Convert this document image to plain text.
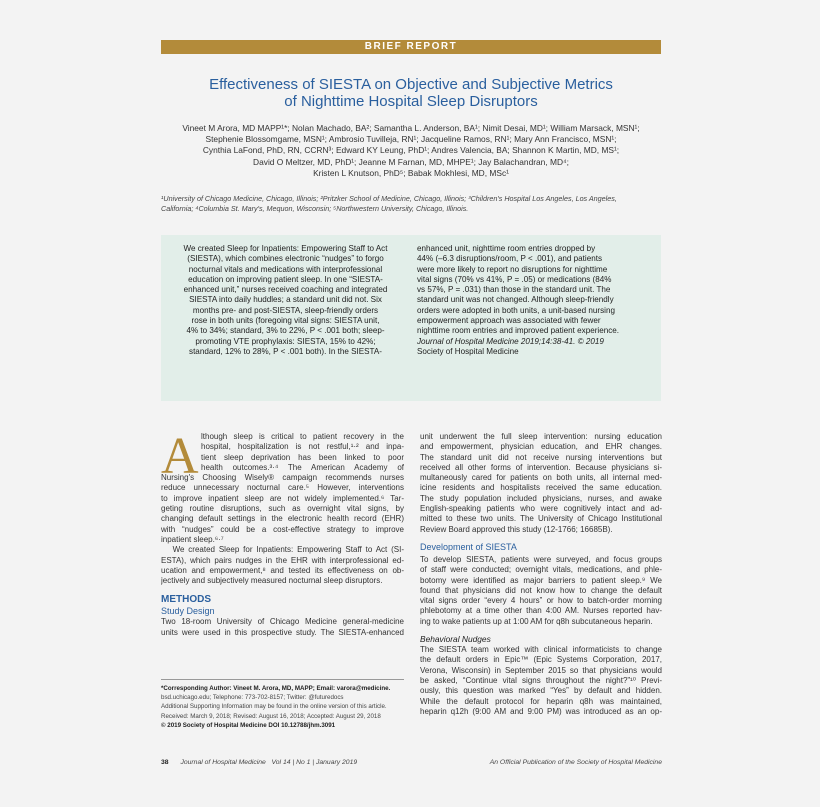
BRIEF REPORT
Effectiveness of SIESTA on Objective and Subjective Metrics
of Nighttime Hospital Sleep Disruptors
Vineet M Arora, MD MAPP¹*; Nolan Machado, BA²; Samantha L. Anderson, BA¹; Nimit Desai, MD¹; William Marsack, MSN¹;
Stephenie Blossomgame, MSN¹; Ambrosio Tuvilleja, RN¹; Jacqueline Ramos, RN¹; Mary Ann Francisco, MSN¹;
Cynthia LaFond, PhD, RN, CCRN³; Edward KY Leung, PhD¹; Andres Valencia, BA; Shannon K Martin, MD, MS¹;
David O Meltzer, MD, PhD¹; Jeanne M Farnan, MD, MHPE¹; Jay Balachandran, MD⁴;
Kristen L Knutson, PhD⁵; Babak Mokhlesi, MD, MSc¹
¹University of Chicago Medicine, Chicago, Illinois; ²Pritzker School of Medicine, Chicago, Illinois; ³Children's Hospital Los Angeles, Los Angeles,
California; ⁴Columbia St. Mary's, Mequon, Wisconsin; ⁵Northwestern University, Chicago, Illinois.
We created Sleep for Inpatients: Empowering Staff to Act
(SIESTA), which combines electronic “nudges” to forgo
nocturnal vitals and medications with interprofessional
education on improving patient sleep. In one “SIESTA-
enhanced unit,” nurses received coaching and integrated
SIESTA into daily huddles; a standard unit did not. Six
months pre- and post-SIESTA, sleep-friendly orders
rose in both units (foregoing vital signs: SIESTA unit,
4% to 34%; standard, 3% to 22%, P < .001 both; sleep-
promoting VTE prophylaxis: SIESTA, 15% to 42%;
standard, 12% to 28%, P < .001 both). In the SIESTA-
enhanced unit, nighttime room entries dropped by
44% (–6.3 disruptions/room, P < .001), and patients
were more likely to report no disruptions for nighttime
vital signs (70% vs 41%, P = .05) or medications (84%
vs 57%, P = .031) than those in the standard unit. The
standard unit was not changed. Although sleep-friendly
orders were adopted in both units, a unit-based nursing
empowerment approach was associated with fewer
nighttime room entries and improved patient experience.
Journal of Hospital Medicine 2019;14:38-41. © 2019
Society of Hospital Medicine
A lthough sleep is critical to patient recovery in the
hospital, hospitalization is not restful,¹·² and inpa-
tient sleep deprivation has been linked to poor
health outcomes.³·⁴ The American Academy of
Nursing's Choosing Wisely® campaign recommends nurses
reduce unnecessary nocturnal care.⁵ However, interventions
to improve inpatient sleep are not widely implemented.⁶ Tar-
geting routine disruptions, such as overnight vital signs, by
changing default settings in the electronic health record (EHR)
with “nudges” could be a cost-effective strategy to improve
inpatient sleep.⁶·⁷
We created Sleep for Inpatients: Empowering Staff to Act (SI-
ESTA), which pairs nudges in the EHR with interprofessional ed-
ucation and empowerment,⁸ and tested its effectiveness on ob-
jectively and subjectively measured nocturnal sleep disruptors.
METHODS
Study Design
Two 18-room University of Chicago Medicine general-medicine
units were used in this prospective study. The SIESTA-enhanced
*Corresponding Author: Vineet M. Arora, MD, MAPP; Email: varora@medicine.
bsd.uchicago.edu; Telephone: 773-702-8157; Twitter: @futuredocs
Additional Supporting Information may be found in the online version of this article.
Received: March 9, 2018; Revised: August 16, 2018; Accepted: August 29, 2018
© 2019 Society of Hospital Medicine DOI 10.12788/jhm.3091
unit underwent the full sleep intervention: nursing education
and empowerment, physician education, and EHR changes.
The standard unit did not receive nursing interventions but
received all other forms of intervention. Because physicians si-
multaneously cared for patients on both units, all internal med-
icine residents and hospitalists received the same education.
The study population included physicians, nurses, and awake
English-speaking patients who were cognitively intact and ad-
mitted to these two units. The University of Chicago Institutional
Review Board approved this study (12-1766; 16685B).
Development of SIESTA
To develop SIESTA, patients were surveyed, and focus groups
of staff were conducted; overnight vitals, medications, and phle-
botomy were identified as major barriers to patient sleep.⁹ We
found that physicians did not know how to change the default
vital signs order “every 4 hours” or how to batch-order morning
phlebotomy at a time other than 4:00 AM. Nurses reported hav-
ing to wake patients up at 1:00 AM for q8h subcutaneous heparin.
Behavioral Nudges
The SIESTA team worked with clinical informaticists to change
the default orders in Epic™ (Epic Systems Corporation, 2017,
Verona, Wisconsin) in September 2015 so that physicians would
be asked, “Continue vital signs throughout the night?”¹⁰ Previ-
ously, this question was marked “Yes” by default and hidden.
While the default protocol for heparin q8h was maintained,
heparin q12h (9:00 AM and 9:00 PM) was introduced as an op-
38 Journal of Hospital Medicine   Vol 14 | No 1 | January 2019	An Official Publication of the Society of Hospital Medicine
